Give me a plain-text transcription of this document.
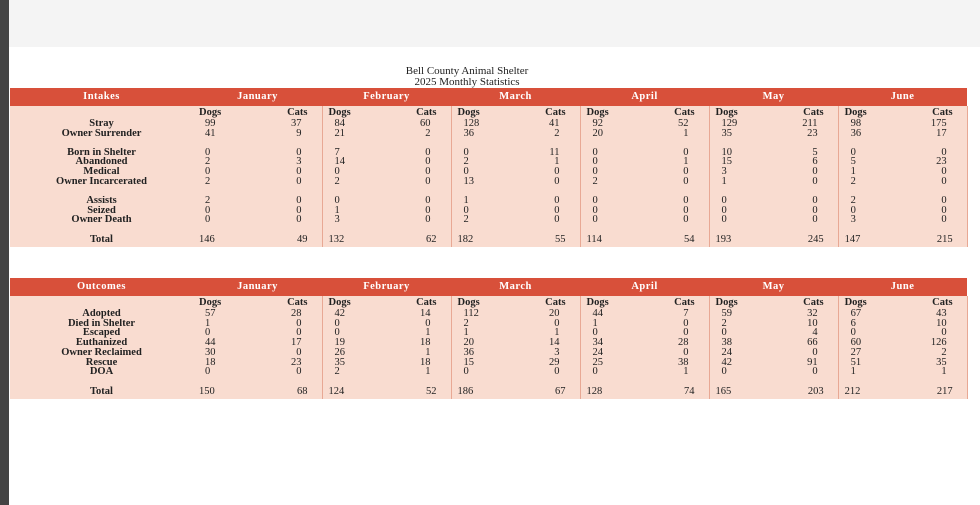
Bell County Animal Shelter
2025 Monthly Statistics
Intakes	January		February		March		April		May		June	
	Dogs	Cats	Dogs	Cats	Dogs	Cats	Dogs	Cats	Dogs	Cats	Dogs	Cats
Stray	99	37	84	60	128	41	92	52	129	211	98	175
Owner Surrender	41	9	21	2	36	2	20	1	35	23	36	17
Born in Shelter	0	0	7	0	0	11	0	0	10	5	0	0
Abandoned	2	3	14	0	2	1	0	1	15	6	5	23
Medical	0	0	0	0	0	0	0	0	3	0	1	0
Owner Incarcerated	2	0	2	0	13	0	2	0	1	0	2	0
Assists	2	0	0	0	1	0	0	0	0	0	2	0
Seized	0	0	1	0	0	0	0	0	0	0	0	0
Owner Death	0	0	3	0	2	0	0	0	0	0	3	0

Total	146	49	132	62	182	55	114	54	193	245	147	215
Outcomes	January		February		March		April		May		June	
	Dogs	Cats	Dogs	Cats	Dogs	Cats	Dogs	Cats	Dogs	Cats	Dogs	Cats
Adopted	57	28	42	14	112	20	44	7	59	32	67	43
Died in Shelter	1	0	0	0	2	0	1	0	2	10	6	10
Escaped	0	0	0	1	1	1	0	0	0	4	0	0
Euthanized	44	17	19	18	20	14	34	28	38	66	60	126
Owner Reclaimed	30	0	26	1	36	3	24	0	24	0	27	2
Rescue	18	23	35	18	15	29	25	38	42	91	51	35
DOA	0	0	2	1	0	0	0	1	0	0	1	1

Total	150	68	124	52	186	67	128	74	165	203	212	217
